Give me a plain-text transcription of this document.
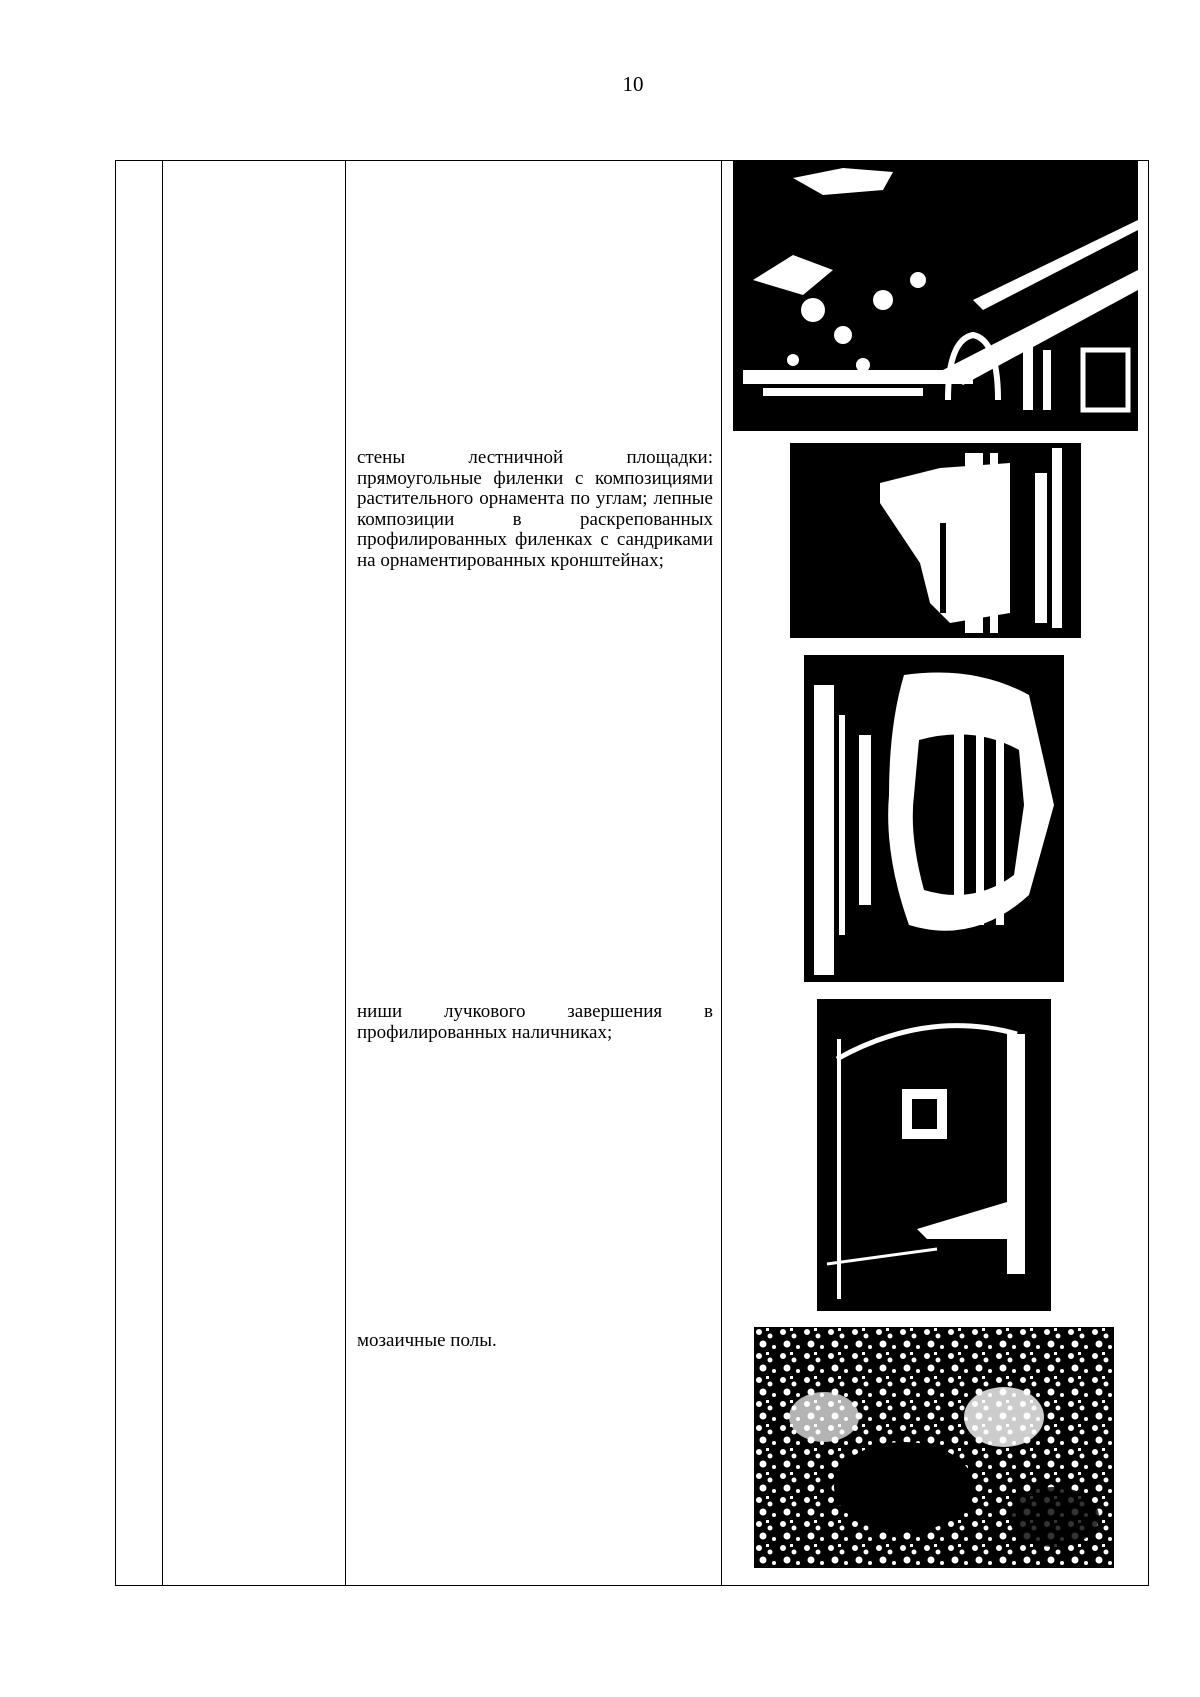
10
стены лестничной площадки: прямоугольные филенки с композициями растительного орнамента по углам; лепные композиции в раскрепованных профилированных филенках с сандриками на орнаментированных кронштейнах;
ниши лучкового завершения в профилированных наличниках;
мозаичные полы.
